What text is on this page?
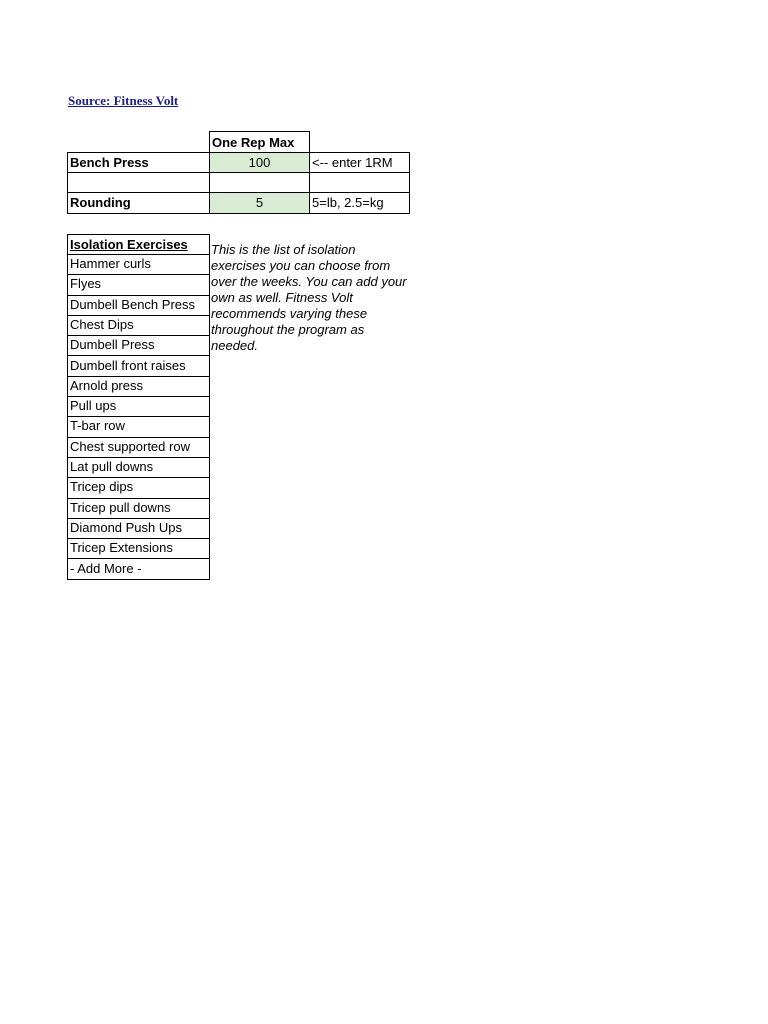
Source: Fitness Volt
One Rep Max
Bench Press	100	<-- enter 1RM
Rounding	5	5=lb, 2.5=kg
Isolation Exercises
Hammer curls
Flyes
Dumbell Bench Press
Chest Dips
Dumbell Press
Dumbell front raises
Arnold press
Pull ups
T-bar row
Chest supported row
Lat pull downs
Tricep dips
Tricep pull downs
Diamond Push Ups
Tricep Extensions
- Add More -
This is the list of isolation exercises you can choose from over the weeks. You can add your own as well. Fitness Volt recommends varying these throughout the program as needed.
